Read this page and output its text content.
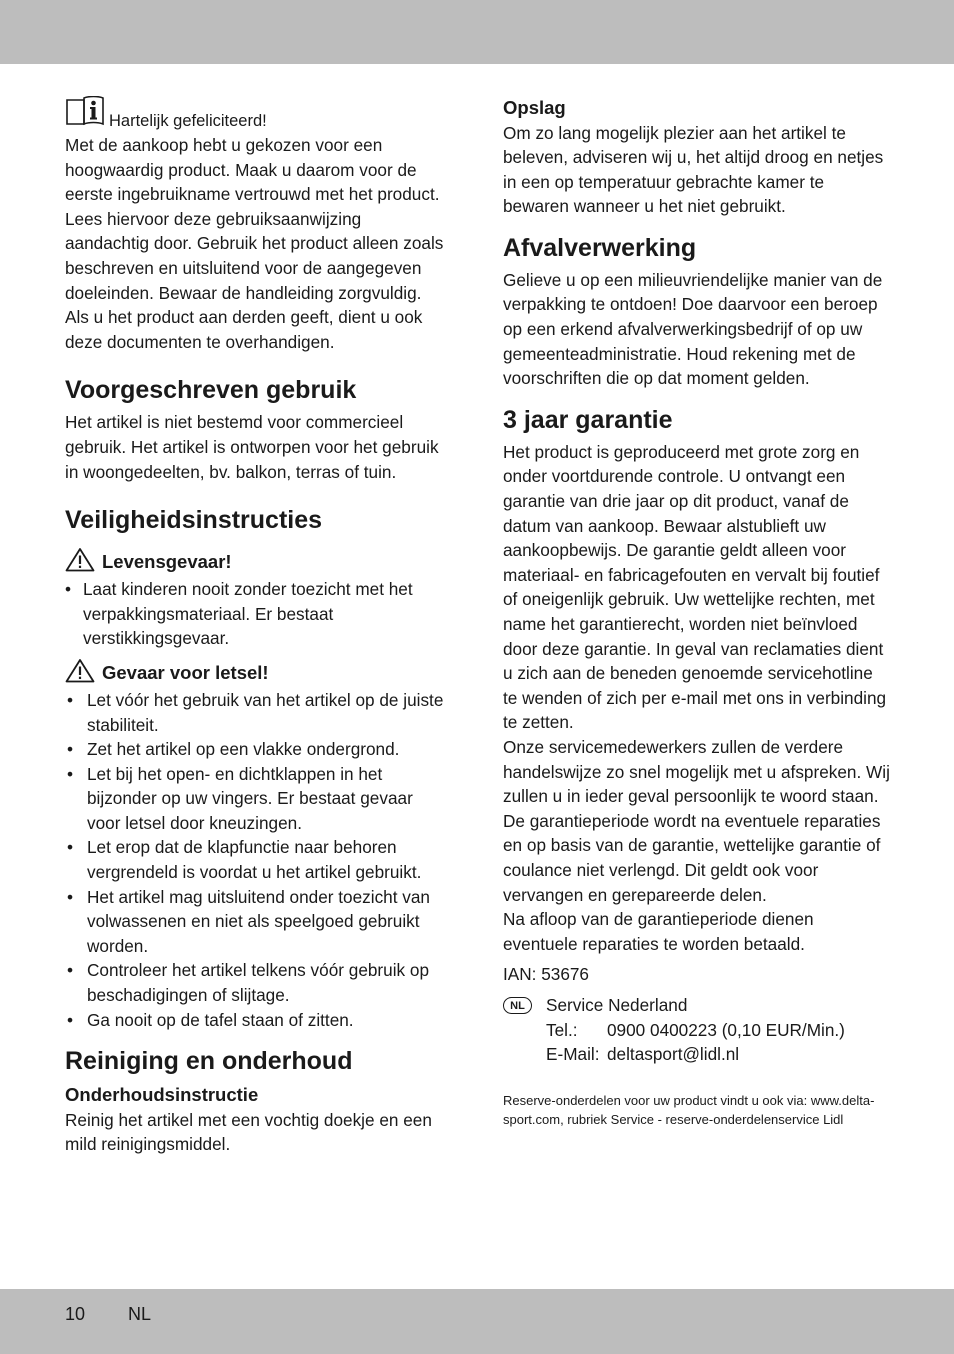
Hartelijk gefeliciteerd!

Met de aankoop hebt u gekozen voor een hoogwaardig product. Maak u daarom voor de eerste ingebruikname vertrouwd met het product. Lees hiervoor deze gebruiksaanwijzing aandachtig door. Gebruik het product alleen zoals beschreven en uitsluitend voor de aangegeven doeleinden. Bewaar de handleiding zorgvuldig. Als u het product aan derden geeft, dient u ook deze documenten te overhandigen.

Voorgeschreven gebruik

Het artikel is niet bestemd voor commercieel gebruik. Het artikel is ontworpen voor het gebruik in woongedeelten, bv. balkon, terras of tuin.

Veiligheidsinstructies
Levensgevaar!
• Laat kinderen nooit zonder toezicht met het verpakkingsmateriaal. Er bestaat verstikkingsgevaar.
Gevaar voor letsel!
• Let vóór het gebruik van het artikel op de juiste stabiliteit.
• Zet het artikel op een vlakke ondergrond.
• Let bij het open- en dichtklappen in het bijzonder op uw vingers. Er bestaat gevaar voor letsel door kneuzingen.
• Let erop dat de klapfunctie naar behoren vergrendeld is voordat u het artikel gebruikt.
• Het artikel mag uitsluitend onder toezicht van volwassenen en niet als speelgoed gebruikt worden.
• Controleer het artikel telkens vóór gebruik op beschadigingen of slijtage.
• Ga nooit op de tafel staan of zitten.
Reiniging en onderhoud
Onderhoudsinstructie

Reinig het artikel met een vochtig doekje en een mild reinigingsmiddel.

Opslag

Om zo lang mogelijk plezier aan het artikel te beleven, adviseren wij u, het altijd droog en netjes in een op temperatuur gebrachte kamer te bewaren wanneer u het niet gebruikt.

Afvalverwerking

Gelieve u op een milieuvriendelijke manier van de verpakking te ontdoen! Doe daarvoor een beroep op een erkend afvalverwerkingsbedrijf of op uw gemeenteadministratie. Houd rekening met de voorschriften die op dat moment gelden.

3 jaar garantie

Het product is geproduceerd met grote zorg en onder voortdurende controle. U ontvangt een garantie van drie jaar op dit product, vanaf de datum van aankoop. Bewaar alstublieft uw aankoopbewijs. De garantie geldt alleen voor materiaal- en fabricagefouten en vervalt bij foutief of oneigenlijk gebruik. Uw wettelijke rechten, met name het garantierecht, worden niet beïnvloed door deze garantie. In geval van reclamaties dient u zich aan de beneden genoemde servicehotline te wenden of zich per e-mail met ons in verbinding te zetten.

Onze servicemedewerkers zullen de verdere handelswijze zo snel mogelijk met u afspreken. Wij zullen u in ieder geval persoonlijk te woord staan. De garantieperiode wordt na eventuele reparaties en op basis van de garantie, wettelijke garantie of coulance niet verlengd. Dit geldt ook voor vervangen en gerepareerde delen.

Na afloop van de garantieperiode dienen eventuele reparaties te worden betaald.

IAN: 53676

NL	Service Nederland
Tel.:	0900 0400223 (0,10 EUR/Min.)
E-Mail: deltasport@lidl.nl

Reserve-onderdelen voor uw product vindt u ook via: www.delta-sport.com, rubriek Service - reserve-onderdelenservice Lidl

10 NL
